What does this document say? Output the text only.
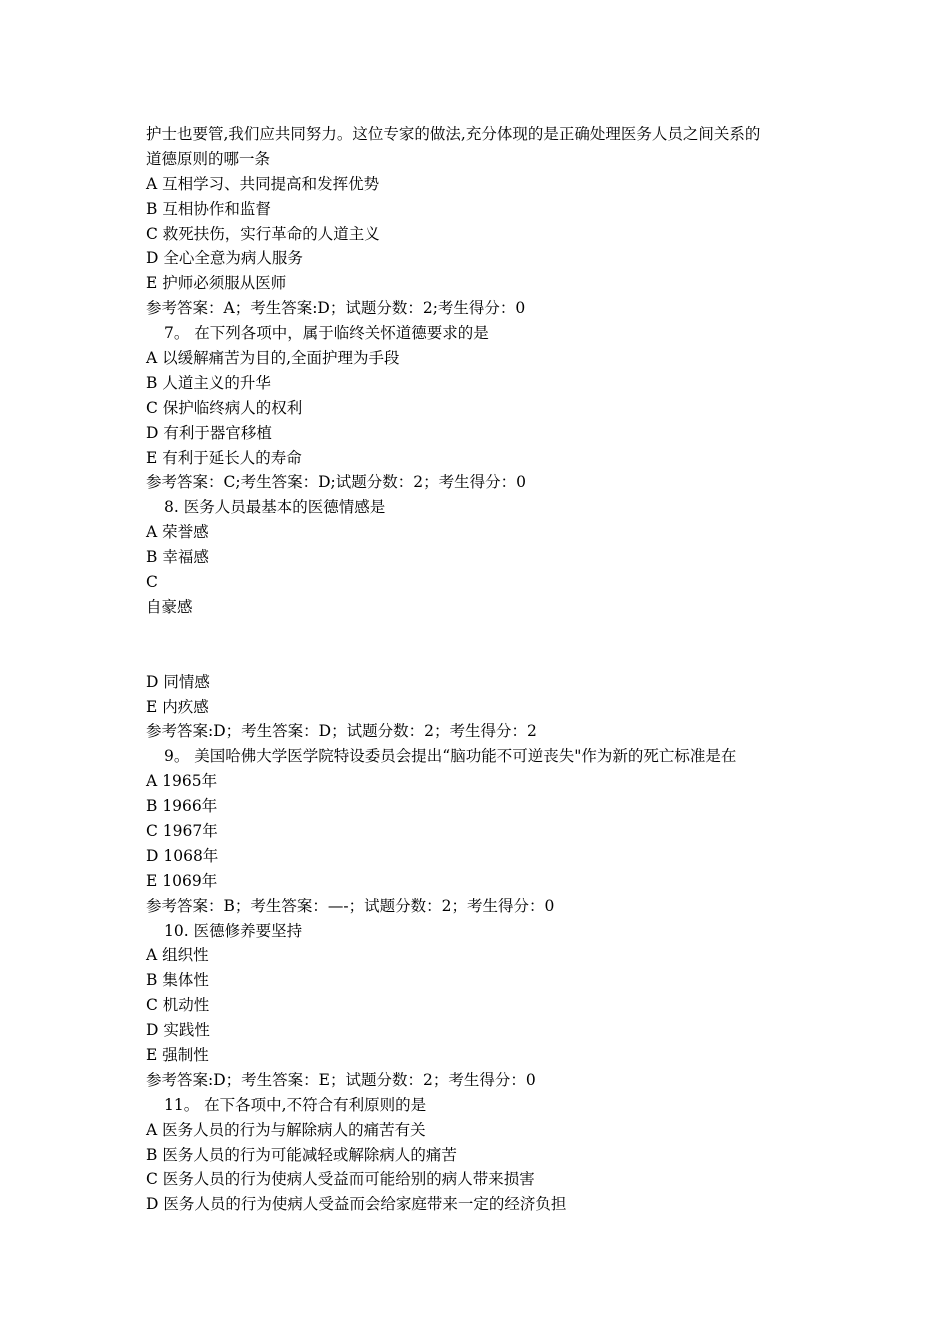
护士也要管,我们应共同努力。这位专家的做法,充分体现的是正确处理医务人员之间关系的
道德原则的哪一条
A 互相学习、共同提高和发挥优势
B 互相协作和监督
C 救死扶伤，实行革命的人道主义
D 全心全意为病人服务
E 护师必须服从医师
参考答案：A；考生答案:D；试题分数：2;考生得分：0
7。 在下列各项中，属于临终关怀道德要求的是
A 以缓解痛苦为目的,全面护理为手段
B 人道主义的升华
C 保护临终病人的权利
D 有利于器官移植
E 有利于延长人的寿命
参考答案：C;考生答案：D;试题分数：2；考生得分：0
8. 医务人员最基本的医德情感是
A 荣誉感
B 幸福感
C
自豪感
D 同情感
E 内疚感
参考答案:D；考生答案：D；试题分数：2；考生得分：2
9。 美国哈佛大学医学院特设委员会提出“脑功能不可逆丧失"作为新的死亡标准是在
A 1965年
B 1966年
C 1967年
D 1068年
E 1069年
参考答案：B；考生答案：—-；试题分数：2；考生得分：0
10. 医德修养要坚持
A 组织性
B 集体性
C 机动性
D 实践性
E 强制性
参考答案:D；考生答案：E；试题分数：2；考生得分：0
11。 在下各项中,不符合有利原则的是
A 医务人员的行为与解除病人的痛苦有关
B 医务人员的行为可能减轻或解除病人的痛苦
C 医务人员的行为使病人受益而可能给别的病人带来损害
D 医务人员的行为使病人受益而会给家庭带来一定的经济负担
